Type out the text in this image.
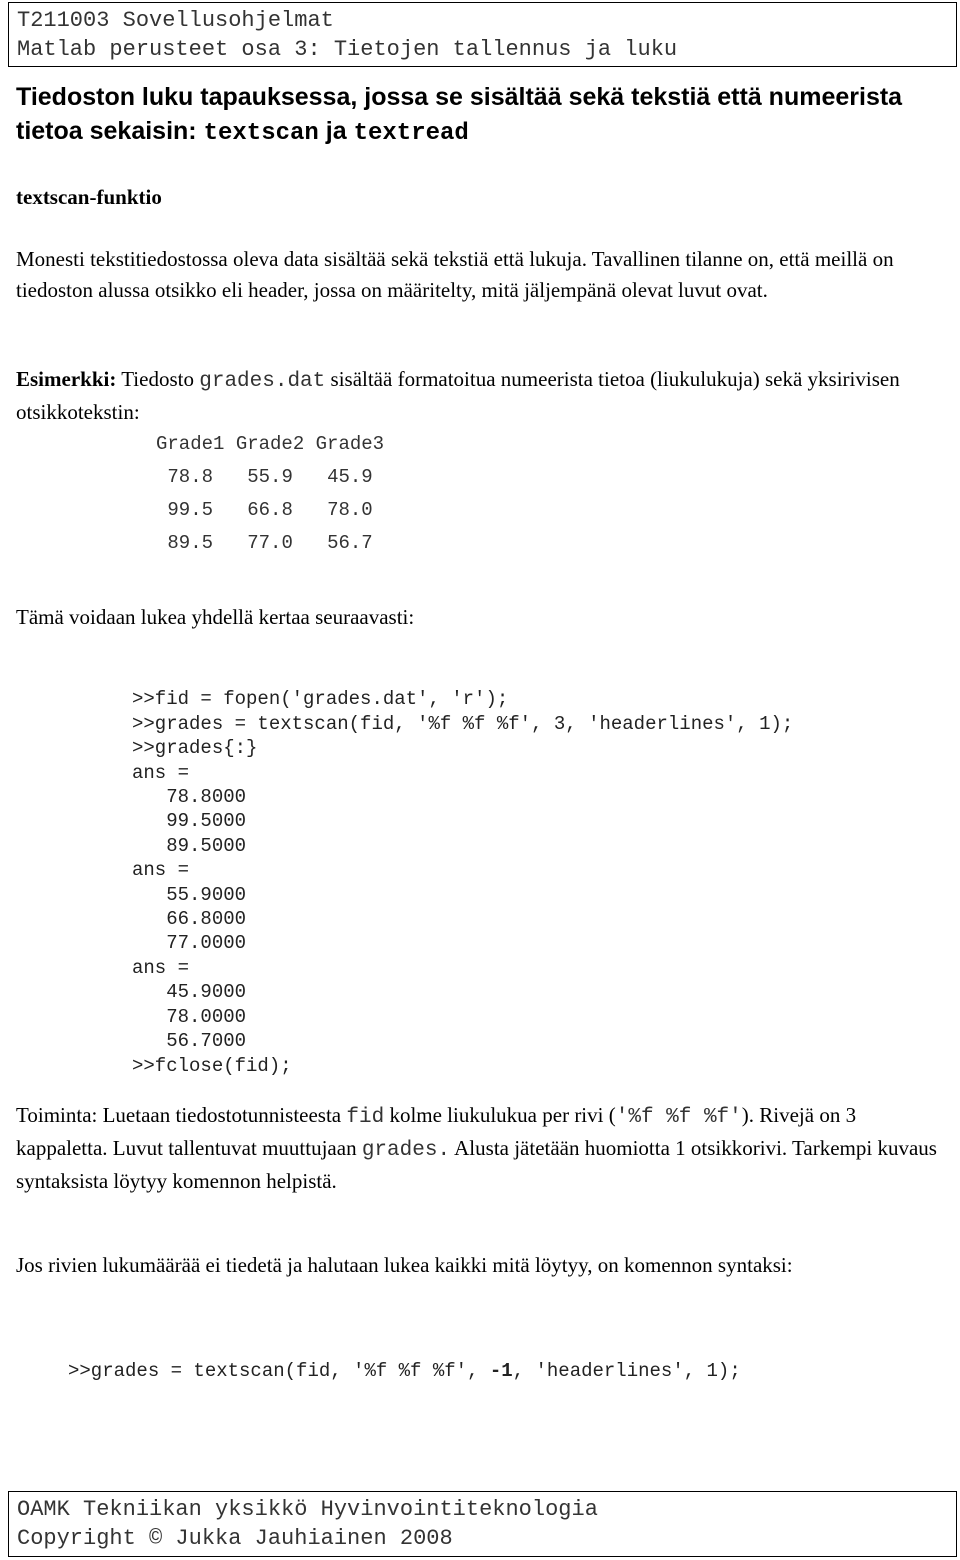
T211003 Sovellusohjelmat
Matlab perusteet osa 3: Tietojen tallennus ja luku
Tiedoston luku tapauksessa, jossa se sisältää sekä tekstiä että numeerista tietoa sekaisin: textscan ja textread
textscan-funktio
Monesti tekstitiedostossa oleva data sisältää sekä tekstiä että lukuja. Tavallinen tilanne on, että meillä on tiedoston alussa otsikko eli header, jossa on määritelty, mitä jäljempänä olevat luvut ovat.
Esimerkki: Tiedosto grades.dat sisältää formatoitua numeerista tietoa (liukulukuja) sekä yksirivisen otsikkotekstin:
Grade1 Grade2 Grade3
78.8 55.9 45.9
99.5 66.8 78.0
89.5 77.0 56.7
Tämä voidaan lukea yhdellä kertaa seuraavasti:

>>fid = fopen('grades.dat', 'r');
>>grades = textscan(fid, '%f %f %f', 3, 'headerlines', 1);
>>grades{:}
ans =
78.8000
99.5000
89.5000
ans =
55.9000
66.8000
77.0000
ans =
45.9000
78.0000
56.7000
>>fclose(fid);

Toiminta: Luetaan tiedostotunnisteesta fid kolme liukulukua per rivi ('%f %f %f'). Rivejä on 3 kappaletta. Luvut tallentuvat muuttujaan grades. Alusta jätetään huomiotta 1 otsikkorivi. Tarkempi kuvaus syntaksista löytyy komennon helpistä.
Jos rivien lukumäärää ei tiedetä ja halutaan lukea kaikki mitä löytyy, on komennon syntaksi:
>>grades = textscan(fid, '%f %f %f', -1, 'headerlines', 1);
OAMK Tekniikan yksikkö Hyvinvointiteknologia
Copyright © Jukka Jauhiainen 2008
